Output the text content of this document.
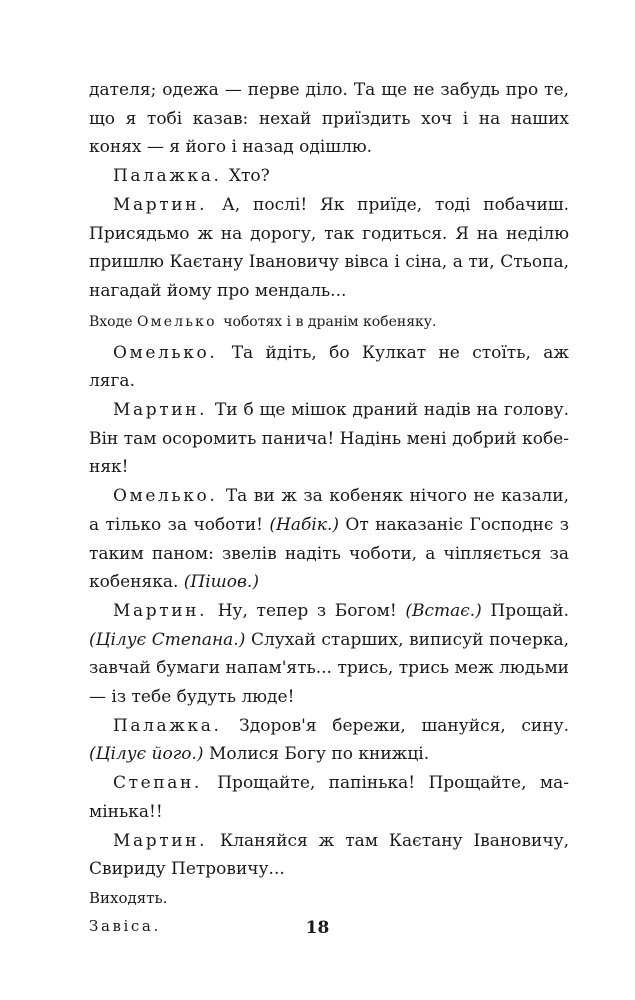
дателя; одежа — перве діло. Та ще не забудь про те, що я тобі казав: нехай приїздить хоч і на наших конях — я його і назад одішлю.

Палажка. Хто?

Мартин. А, послі! Як приїде, тоді побачиш. Присядьмо ж на дорогу, так годиться. Я на неділю пришлю Каєтану Івановичу вівса і сіна, а ти, Стьопа, нагадай йому про мендаль...

Входе Омелько чоботях і в дранім кобеняку.

Омелько. Та йдіть, бо Кулкат не стоїть, аж ляга.

Мартин. Ти б ще мішок драний надів на голову. Він там осоромить панича! Надінь мені добрий кобеняк!

Омелько. Та ви ж за кобеняк нічого не казали, а тілько за чоботи! (Набік.) От наказаніє Господнє з таким паном: звелів надіть чоботи, а чіпляється за кобеняка. (Пішов.)

Мартин. Ну, тепер з Богом! (Встає.) Прощай. (Цілує Степана.) Слухай старших, виписуй почерка, завчай бумаги напам'ять... трись, трись меж людьми — із тебе будуть люде!

Палажка. Здоров'я бережи, шануйся, сину. (Цілує його.) Молися Богу по книжці.

Степан. Прощайте, папінька! Прощайте, мамінька!!

Мартин. Кланяйся ж там Каєтану Івановичу, Свириду Петровичу...

Виходять.

Завіса.	18
